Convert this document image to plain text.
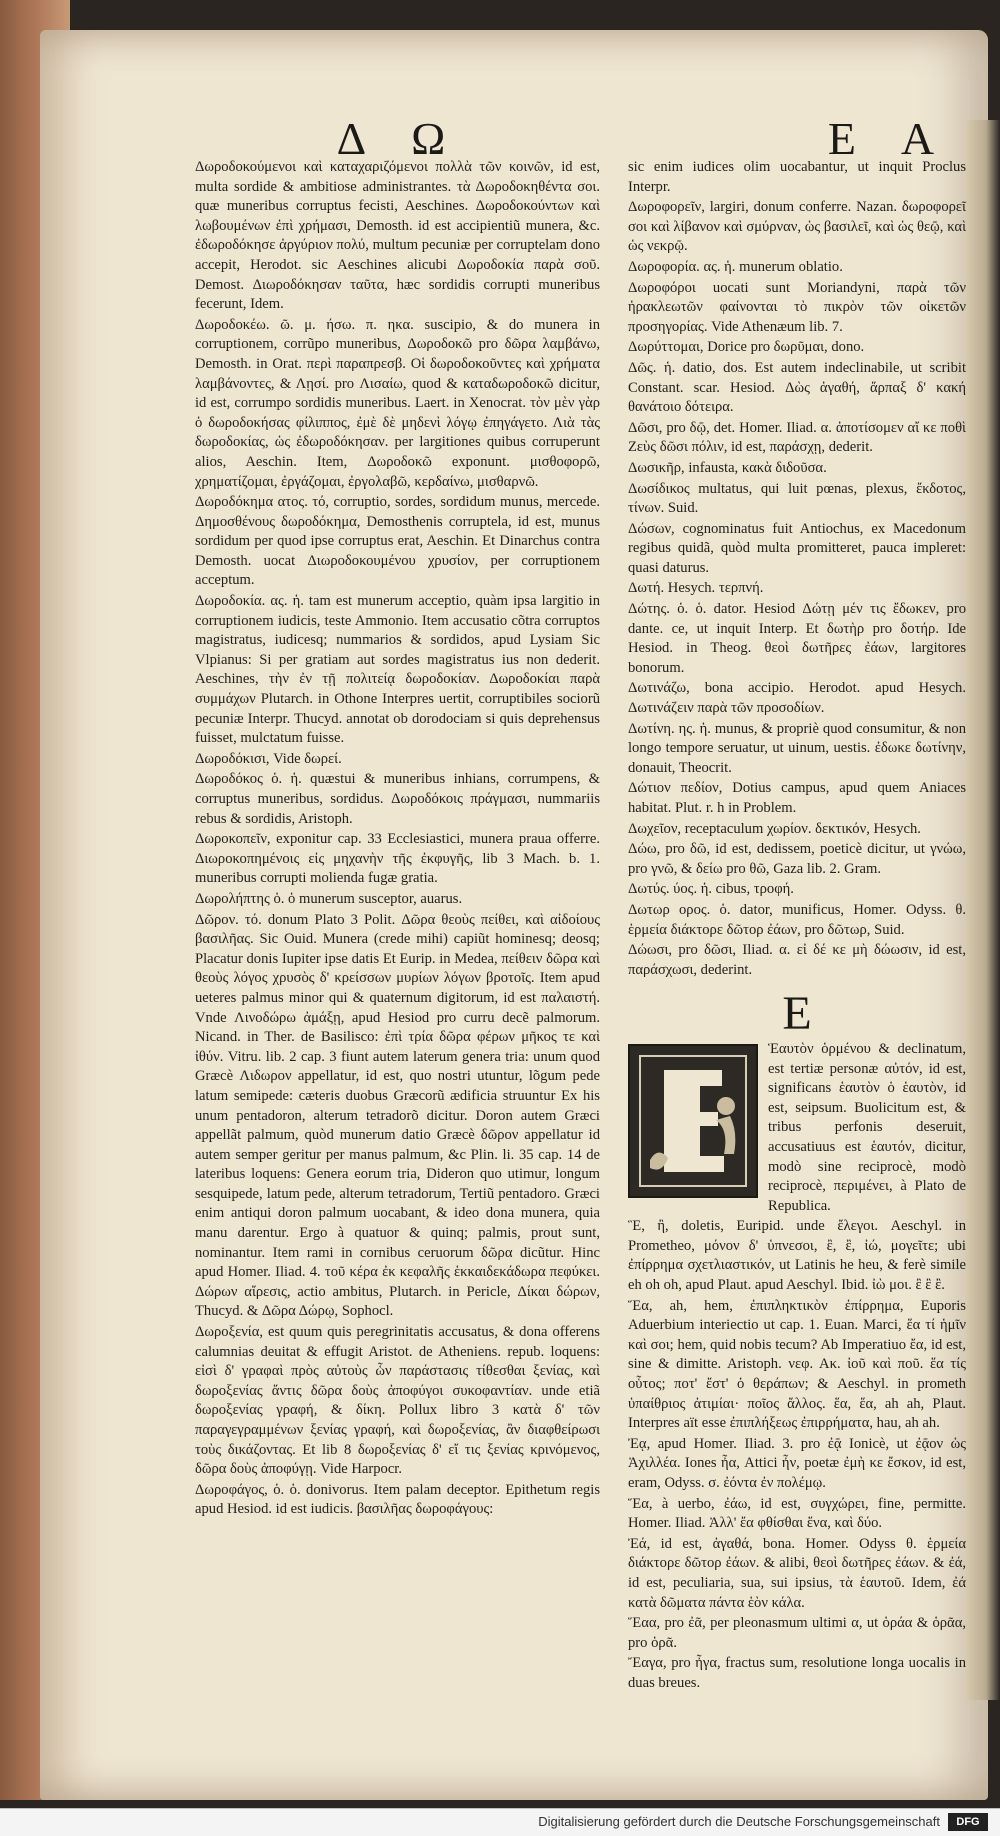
Δ Ω	E A

Δωροδοκούμενοι καὶ καταχαριζόμενοι πολλὰ τῶν κοινῶν, id est, multa sordide & ambitiose administrantes. τὰ Δωροδοκηθέντα σοι. quæ muneribus corruptus fecisti, Aeschines. Δωροδοκούντων καὶ λωβουμένων ἐπὶ χρήμασι, Demosth. id est accipientiũ munera, &c. ἐδωροδόκησε ἀργύριον πολύ, multum pecuniæ per corruptelam dono accepit, Herodot. sic Aeschines alicubi Δωροδοκία παρὰ σοῦ. Demost. Διωροδόκησαν ταῦτα, hæc sordidis corrupti muneribus fecerunt, Idem.

Δωροδοκέω. ῶ. μ. ήσω. π. ηκα. suscipio, & do munera in corruptionem, corrũpo muneribus, Δωροδοκῶ pro δῶρα λαμβάνω, Demosth. in Orat. περὶ παραπρεσβ. Οἱ δωροδοκοῦντες καὶ χρήματα λαμβάνοντες, & Λῃσί. pro Λισαίω, quod & καταδωροδοκῶ dicitur, id est, corrumpo sordidis muneribus. Laert. in Xenocrat. τὸν μὲν γὰρ ὁ δωροδοκήσας φίλιππος, ἐμὲ δὲ μηδενὶ λόγῳ ἐπηγάγετο. Λιὰ τὰς δωροδοκίας, ὡς ἐδωροδόκησαν. per largitiones quibus corruperunt alios, Aeschin. Item, Δωροδοκῶ exponunt. μισθοφορῶ, χρηματίζομαι, ἐργάζομαι, ἐργολαβῶ, κερδαίνω, μισθαρνῶ.

Δωροδόκημα ατος. τό, corruptio, sordes, sordidum munus, mercede. Δημοσθένους δωροδόκημα, Demosthenis corruptela, id est, munus sordidum per quod ipse corruptus erat, Aeschin. Et Dinarchus contra Demosth. uocat Διωροδοκουμένου χρυσίον, per corruptionem acceptum.

Δωροδοκία. ας. ἡ. tam est munerum acceptio, quàm ipsa largitio in corruptionem iudicis, teste Ammonio. Item accusatio cõtra corruptos magistratus, iudicesq; nummarios & sordidos, apud Lysiam Sic Vlpianus: Si per gratiam aut sordes magistratus ius non dederit. Aeschines, τὴν ἐν τῇ πολιτείᾳ δωροδοκίαν. Δωροδοκίαι παρὰ συμμάχων Plutarch. in Othone Interpres uertit, corruptibiles sociorũ pecuniæ Interpr. Thucyd. annotat ob dorodociam si quis deprehensus fuisset, mulctatum fuisse.

Δωροδόκισι, Vide δωρεί.

Δωροδόκος ὁ. ἡ. quæstui & muneribus inhians, corrumpens, & corruptus muneribus, sordidus. Δωροδόκοις πράγμασι, nummariis rebus & sordidis, Aristoph.

Δωροκοπεῖν, exponitur cap. 33 Ecclesiastici, munera praua offerre. Διωροκοπημένοις εἰς μηχανὴν τῆς ἐκφυγῆς, lib 3 Mach. b. 1. muneribus corrupti molienda fugæ gratia.

Δωρολήπτης ὁ. ὁ munerum susceptor, auarus.

Δῶρον. τό. donum Plato 3 Polit. Δῶρα θεοὺς πείθει, καὶ αἰδοίους βασιλῆας. Sic Ouid. Munera (crede mihi) capiũt hominesq; deosq; Placatur donis Iupiter ipse datis Et Eurip. in Medea, πείθειν δῶρα καὶ θεοὺς λόγος χρυσὸς δ' κρείσσων μυρίων λόγων βροτοῖς. Item apud ueteres palmus minor qui & quaternum digitorum, id est παλαιστή. Vnde Λινοδώρω ἀμάξῃ, apud Hesiod pro curru decẽ palmorum. Nicand. in Ther. de Basilisco: ἐπὶ τρία δῶρα φέρων μῆκος τε καὶ ἰθύν. Vitru. lib. 2 cap. 3 fiunt autem laterum genera tria: unum quod Græcè Λιδωρον appellatur, id est, quo nostri utuntur, lõgum pede latum semipede: cæteris duobus Græcorũ ædificia struuntur Ex his unum pentadoron, alterum tetradorõ dicitur. Doron autem Græci appellãt palmum, quòd munerum datio Græcè δῶρον appellatur id autem semper geritur per manus palmum, &c Plin. li. 35 cap. 14 de lateribus loquens: Genera eorum tria, Dideron quo utimur, longum sesquipede, latum pede, alterum tetradorum, Tertiũ pentadoro. Græci enim antiqui doron palmum uocabant, & ideo dona munera, quia manu darentur. Ergo à quatuor & quinq; palmis, prout sunt, nominantur. Item rami in cornibus ceruorum δῶρα dicũtur. Hinc apud Homer. Iliad. 4. τοῦ κέρα ἐκ κεφαλῆς ἑκκαιδεκάδωρα πεφύκει. Δώρων αἴρεσις, actio ambitus, Plutarch. in Pericle, Δίκαι δώρων, Thucyd. & Δῶρα Δώρῳ, Sophocl.

Δωροξενία, est quum quis peregrinitatis accusatus, & dona offerens calumnias deuitat & effugit Aristot. de Atheniens. repub. loquens: εἰσὶ δ' γραφαὶ πρὸς αὐτοὺς ὧν παράστασις τίθεσθαι ξενίας, καὶ δωροξενίας ἄντις δῶρα δοὺς ἀποφύγοι συκοφαντίαν. unde etiã δωροξενίας γραφή, & δίκη. Pollux libro 3 κατὰ δ' τῶν παραγεγραμμένων ξενίας γραφή, καὶ δωροξενίας, ἂν διαφθείρωσι τοὺς δικάζοντας. Et lib 8 δωροξενίας δ' εἴ τις ξενίας κρινόμενος, δῶρα δοὺς ἀποφύγῃ. Vide Harpocr.

Δωροφάγος, ὁ. ὁ. donivorus. Item palam deceptor. Epithetum regis apud Hesiod. id est iudicis. βασιλῆας δωροφάγους:

sic enim iudices olim uocabantur, ut inquit Proclus Interpr.

Δωροφορεῖν, largiri, donum conferre. Nazan. δωροφορεῖ σοι καὶ λίβανον καὶ σμύρναν, ὡς βασιλεῖ, καὶ ὡς θεῷ, καὶ ὡς νεκρῷ.

Δωροφορία. ας. ἡ. munerum oblatio.

Δωροφόροι uocati sunt Moriandyni, παρὰ τῶν ἡρακλεωτῶν φαίνονται τὸ πικρὸν τῶν οἰκετῶν προσηγορίας. Vide Athenæum lib. 7.

Δωρύττομαι, Dorice pro δωρῦμαι, dono.

Δῶς. ἡ. datio, dos. Est autem indeclinabile, ut scribit Constant. scar. Hesiod. Δὼς ἀγαθή, ἅρπαξ δ' κακή θανάτοιο δότειρα.

Δῶσι, pro δῷ, det. Homer. Iliad. α. ἀποτίσομεν αἴ κε ποθὶ Ζεὺς δῶσι πόλιν, id est, παράσχῃ, dederit.

Δωσικῆρ, infausta, κακὰ διδοῦσα.

Δωσίδικος multatus, qui luit pœnas, plexus, ἔκδοτος, τίνων. Suid.

Δώσων, cognominatus fuit Antiochus, ex Macedonum regibus quidã, quòd multa promitteret, pauca impleret: quasi daturus.

Δωτή. Hesych. τερπνή.

Δώτης. ὁ. ὁ. dator. Hesiod Δώτῃ μέν τις ἔδωκεν, pro dante. ce, ut inquit Interp. Et δωτὴρ pro δοτήρ. Ide Hesiod. in Theog. θεοὶ δωτῆρες ἐάων, largitores bonorum.

Δωτινάζω, bona accipio. Herodot. apud Hesych. Δωτινάζειν παρὰ τῶν προσοδίων.

Δωτίνη. ης. ἡ. munus, & propriè quod consumitur, & non longo tempore seruatur, ut uinum, uestis. ἐδωκε δωτίνην, donauit, Theocrit.

Δώτιον πεδίον, Dotius campus, apud quem Aniaces habitat. Plut. r. h in Problem.

Δωχεῖον, receptaculum χωρίον. δεκτικόν, Hesych.

Δώω, pro δῶ, id est, dedissem, poeticè dicitur, ut γνώω, pro γνῶ, & δείω pro θῶ, Gaza lib. 2. Gram.

Δωτύς. ύος. ἡ. cibus, τροφή.

Δωτωρ ορος. ὁ. dator, munificus, Homer. Odyss. θ. ἑρμεία διάκτορε δῶτορ ἐάων, pro δῶτωρ, Suid.

Δώωσι, pro δῶσι, Iliad. α. εἰ δέ κε μὴ δώωσιν, id est, παράσχωσι, dederint.

E

Ἑαυτὸν ὁρμένου & declinatum, est tertiæ personæ αὐτόν, id est, significans ἑαυτὸν ὁ ἑαυτὸν, id est, seipsum. Buolicitum est, & tribus perfonis deseruit, accusatiuus est ἑαυτόν, dicitur, modò sine reciprocè, modò reciprocè, περιμένει, à Plato de Republica.

Ἓ, ἢ, doletis, Euripid. unde ἔλεγοι. Aeschyl. in Prometheo, μόνον δ' ὑπνεσοι, ἒ, ἒ, ἰώ, μογεῖτε; ubi ἐπίρρημα σχετλιαστικόν, ut Latinis he heu, & ferè simile eh oh oh, apud Plaut. apud Aeschyl. Ibid. ἰὼ μοι. ἒ ἒ ἒ.

Ἕα, ah, hem, ἐπιπληκτικὸν ἐπίρρημα, Euporis Aduerbium interiectio ut cap. 1. Euan. Marci, ἕα τί ἡμῖν καὶ σοι; hem, quid nobis tecum? Ab Imperatiuo ἔα, id est, sine & dimitte. Aristoph. νεφ. Ακ. ἰοῦ καὶ ποῦ. ἕα τίς οὗτος; ποτ' ἔστ' ὁ θεράπων; & Aeschyl. in prometh ὑπαίθριος ἀτιμίαι· ποῖος ἄλλος. ἕα, ἕα, ah ah, Plaut. Interpres aït esse ἐπιπλήξεως ἐπιρρήματα, hau, ah ah.

Ἐᾳ, apud Homer. Iliad. 3. pro ἐᾷ Ionicè, ut ἐᾷον ὡς Ἀχιλλέα. Iones ἦα, Attici ἦν, poetæ ἐμὴ κε ἔσκον, id est, eram, Odyss. σ. ἐόντα ἐν πολέμῳ.

Ἕα, à uerbo, ἐάω, id est, συγχώρει, fine, permitte. Homer. Iliad. Ἀλλ' ἔα φθίσθαι ἕνα, καὶ δύο.

Ἐά, id est, ἀγαθά, bona. Homer. Odyss θ. ἑρμεία διάκτορε δῶτορ ἐάων. & alibi, θεοὶ δωτῆρες ἐάων. & ἐά, id est, peculiaria, sua, sui ipsius, τὰ ἑαυτοῦ. Idem, ἐά κατὰ δῶματα πάντα ἑὸν κάλα.

Ἕαα, pro ἐᾶ, per pleonasmum ultimi α, ut ὁράα & ὁρᾶα, pro ὁρᾶ.

Ἔαγα, pro ἦγα, fractus sum, resolutione longa uocalis in duas breues.

Digitalisierung gefördert durch die Deutsche Forschungsgemeinschaft	DFG
